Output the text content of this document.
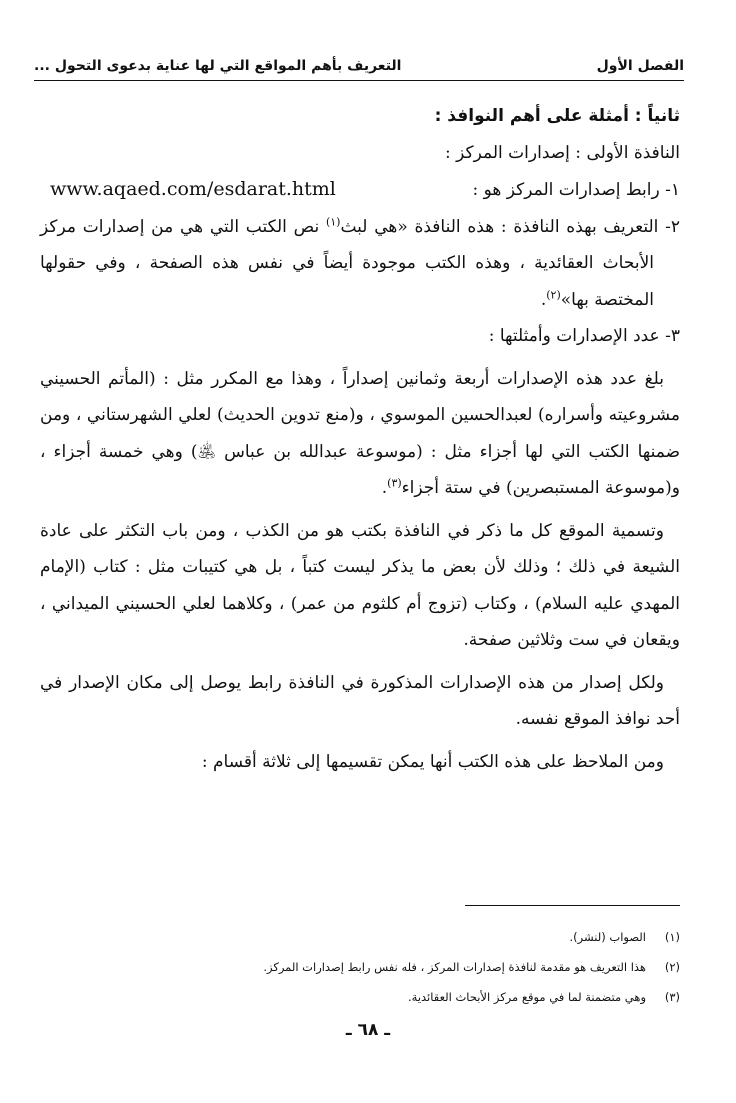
الفصل الأول
التعريف بأهم المواقع التي لها عناية بدعوى التحول ...

ثانياً : أمثلة على أهم النوافذ :

النافذة الأولى : إصدارات المركز :

١- رابط إصدارات المركز هو :
www.aqaed.com/esdarat.html

٢- التعريف بهذه النافذة : هذه النافذة «هي لبث$^{(١)}$ نص الكتب التي هي من إصدارات مركز الأبحاث العقائدية ، وهذه الكتب موجودة أيضاً في نفس هذه الصفحة ، وفي حقولها المختصة بها»$^{(٢)}$.

٣- عدد الإصدارات وأمثلتها :

بلغ عدد هذه الإصدارات أربعة وثمانين إصداراً ، وهذا مع المكرر مثل : (المأتم الحسيني مشروعيته وأسراره) لعبدالحسين الموسوي ، و(منع تدوين الحديث) لعلي الشهرستاني ، ومن ضمنها الكتب التي لها أجزاء مثل : (موسوعة عبدالله بن عباس ﵁) وهي خمسة أجزاء ، و(موسوعة المستبصرين) في ستة أجزاء$^{(٣)}$.

وتسمية الموقع كل ما ذكر في النافذة بكتب هو من الكذب ، ومن باب التكثر على عادة الشيعة في ذلك ؛ وذلك لأن بعض ما يذكر ليست كتباً ، بل هي كتيبات مثل : كتاب (الإمام المهدي عليه السلام) ، وكتاب (تزوج أم كلثوم من عمر) ، وكلاهما لعلي الحسيني الميداني ، ويقعان في ست وثلاثين صفحة.

ولكل إصدار من هذه الإصدارات المذكورة في النافذة رابط يوصل إلى مكان الإصدار في أحد نوافذ الموقع نفسه.

ومن الملاحظ على هذه الكتب أنها يمكن تقسيمها إلى ثلاثة أقسام :

(١)
الصواب (لنشر).
(٢)
هذا التعريف هو مقدمة لنافذة إصدارات المركز ، فله نفس رابط إصدارات المركز.
(٣)
وهي متضمنة لما في موقع مركز الأبحاث العقائدية.
ـ ٦٨ ـ
